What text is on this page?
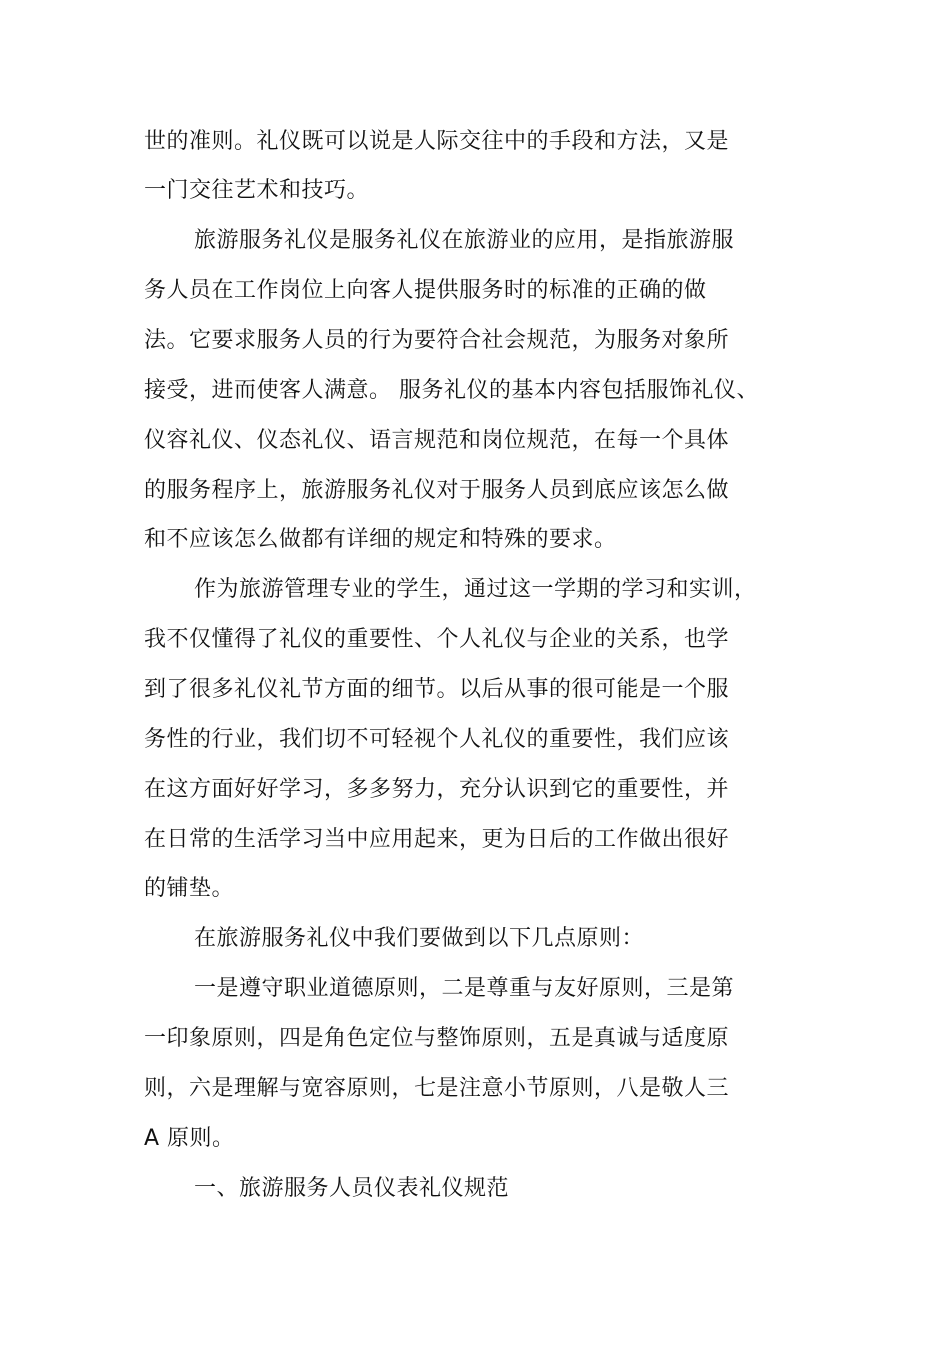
世的准则。礼仪既可以说是人际交往中的手段和方法，又是
一门交往艺术和技巧。
旅游服务礼仪是服务礼仪在旅游业的应用，是指旅游服
务人员在工作岗位上向客人提供服务时的标准的正确的做
法。它要求服务人员的行为要符合社会规范，为服务对象所
接受，进而使客人满意。 服务礼仪的基本内容包括服饰礼仪、
仪容礼仪、仪态礼仪、语言规范和岗位规范，在每一个具体
的服务程序上，旅游服务礼仪对于服务人员到底应该怎么做
和不应该怎么做都有详细的规定和特殊的要求。
作为旅游管理专业的学生，通过这一学期的学习和实训，
我不仅懂得了礼仪的重要性、个人礼仪与企业的关系，也学
到了很多礼仪礼节方面的细节。以后从事的很可能是一个服
务性的行业，我们切不可轻视个人礼仪的重要性，我们应该
在这方面好好学习，多多努力，充分认识到它的重要性，并
在日常的生活学习当中应用起来，更为日后的工作做出很好
的铺垫。
在旅游服务礼仪中我们要做到以下几点原则：
一是遵守职业道德原则，二是尊重与友好原则，三是第
一印象原则，四是角色定位与整饰原则，五是真诚与适度原
则，六是理解与宽容原则，七是注意小节原则，八是敬人三
A 原则。
一、旅游服务人员仪表礼仪规范
